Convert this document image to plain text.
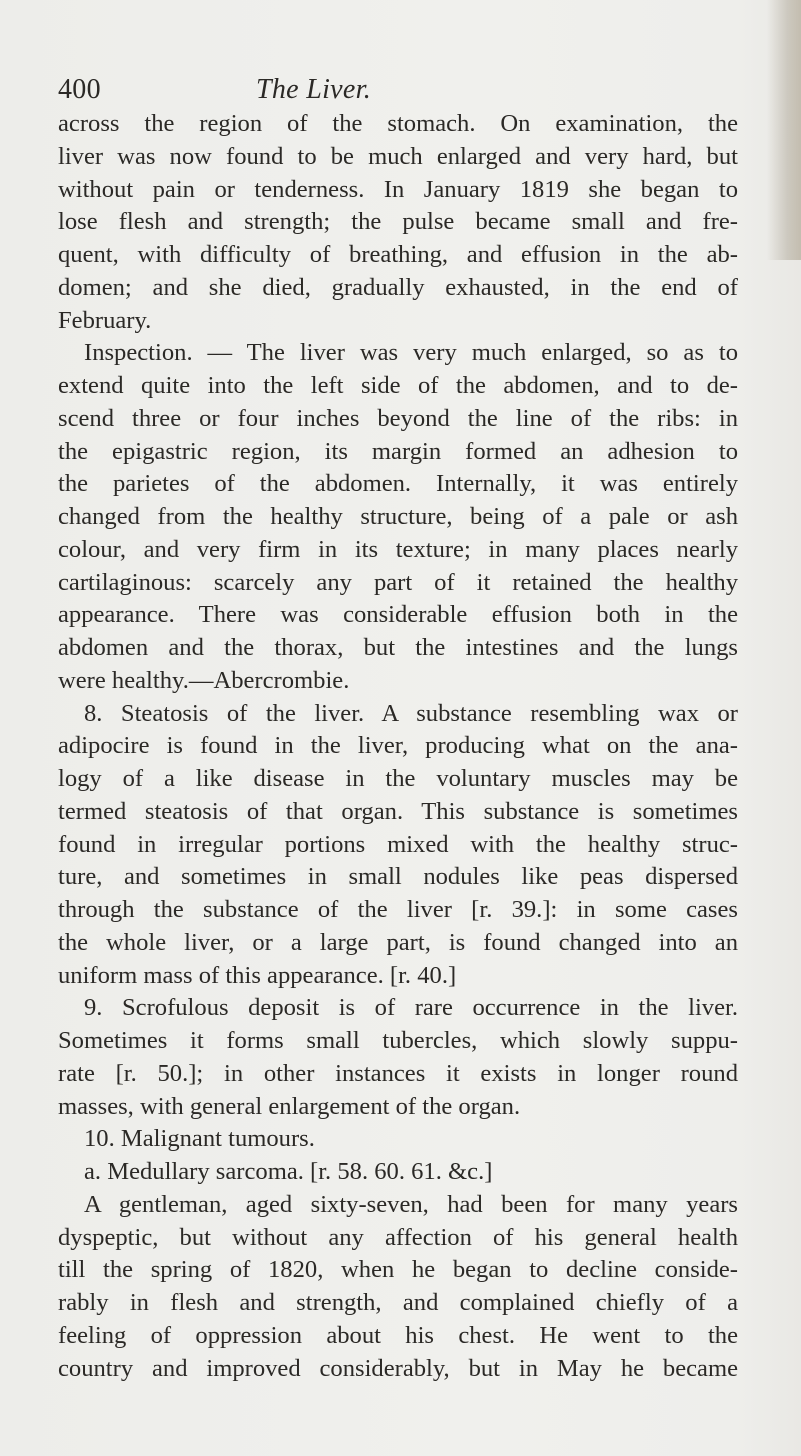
400	The Liver.
across the region of the stomach. On examination, the
liver was now found to be much enlarged and very hard, but
without pain or tenderness. In January 1819 she began to
lose flesh and strength; the pulse became small and fre-
quent, with difficulty of breathing, and effusion in the ab-
domen; and she died, gradually exhausted, in the end of
February.
Inspection. — The liver was very much enlarged, so as to
extend quite into the left side of the abdomen, and to de-
scend three or four inches beyond the line of the ribs: in
the epigastric region, its margin formed an adhesion to
the parietes of the abdomen. Internally, it was entirely
changed from the healthy structure, being of a pale or ash
colour, and very firm in its texture; in many places nearly
cartilaginous: scarcely any part of it retained the healthy
appearance. There was considerable effusion both in the
abdomen and the thorax, but the intestines and the lungs
were healthy.—Abercrombie.
8. Steatosis of the liver. A substance resembling wax or
adipocire is found in the liver, producing what on the ana-
logy of a like disease in the voluntary muscles may be
termed steatosis of that organ. This substance is sometimes
found in irregular portions mixed with the healthy struc-
ture, and sometimes in small nodules like peas dispersed
through the substance of the liver [r. 39.]: in some cases
the whole liver, or a large part, is found changed into an
uniform mass of this appearance. [r. 40.]
9. Scrofulous deposit is of rare occurrence in the liver.
Sometimes it forms small tubercles, which slowly suppu-
rate [r. 50.]; in other instances it exists in longer round
masses, with general enlargement of the organ.
10. Malignant tumours.
a. Medullary sarcoma. [r. 58. 60. 61. &c.]
A gentleman, aged sixty-seven, had been for many years
dyspeptic, but without any affection of his general health
till the spring of 1820, when he began to decline conside-
rably in flesh and strength, and complained chiefly of a
feeling of oppression about his chest. He went to the
country and improved considerably, but in May he became
